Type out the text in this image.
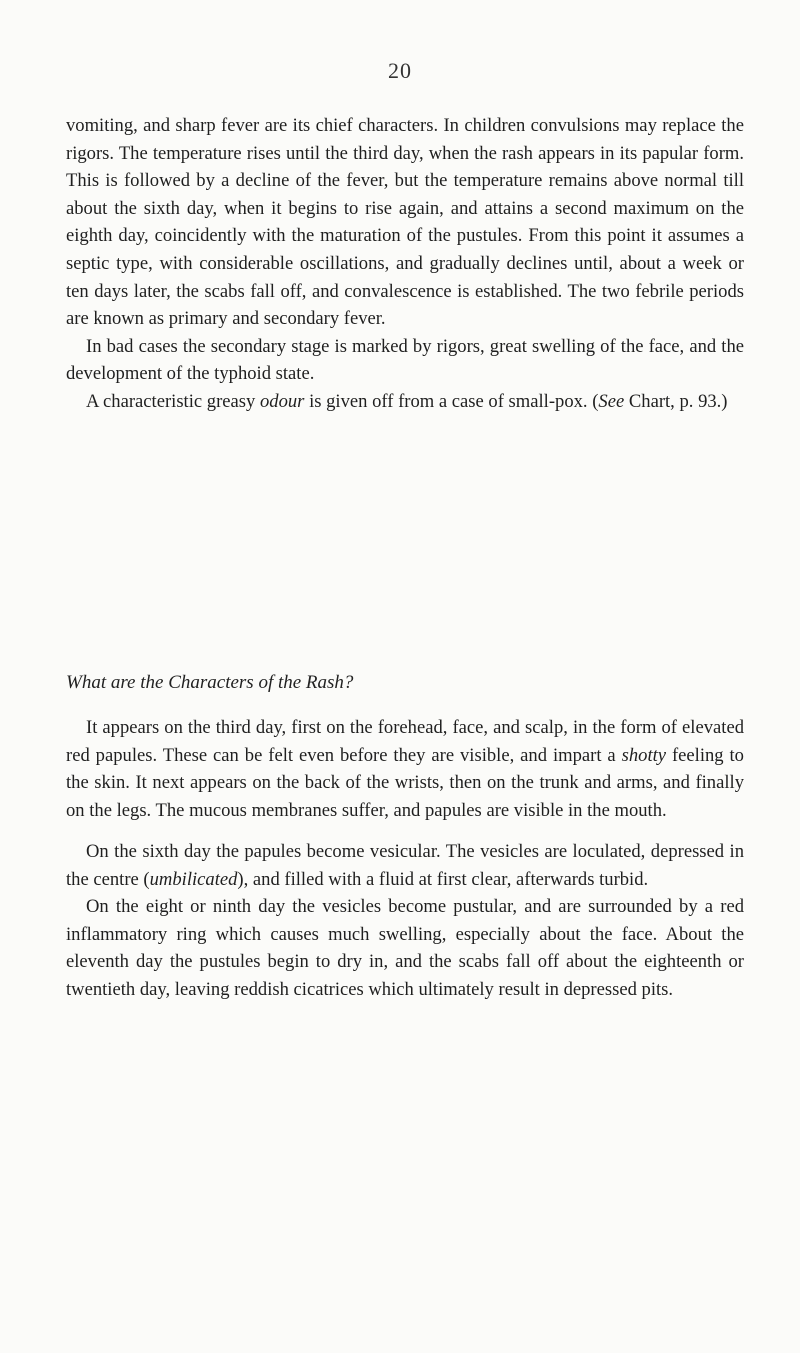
20

vomiting, and sharp fever are its chief characters. In children convulsions may replace the rigors. The temperature rises until the third day, when the rash appears in its papular form. This is followed by a decline of the fever, but the temperature remains above normal till about the sixth day, when it begins to rise again, and attains a second maximum on the eighth day, coincidently with the maturation of the pustules. From this point it assumes a septic type, with considerable oscillations, and gradually declines until, about a week or ten days later, the scabs fall off, and convalescence is established. The two febrile periods are known as primary and secondary fever.

In bad cases the secondary stage is marked by rigors, great swelling of the face, and the development of the typhoid state.

A characteristic greasy odour is given off from a case of small-pox. (See Chart, p. 93.)

What are the Characters of the Rash?

It appears on the third day, first on the forehead, face, and scalp, in the form of elevated red papules. These can be felt even before they are visible, and impart a shotty feeling to the skin. It next appears on the back of the wrists, then on the trunk and arms, and finally on the legs. The mucous membranes suffer, and papules are visible in the mouth.

On the sixth day the papules become vesicular. The vesicles are loculated, depressed in the centre (umbilicated), and filled with a fluid at first clear, afterwards turbid.

On the eight or ninth day the vesicles become pustular, and are surrounded by a red inflammatory ring which causes much swelling, especially about the face. About the eleventh day the pustules begin to dry in, and the scabs fall off about the eighteenth or twentieth day, leaving reddish cicatrices which ultimately result in depressed pits.
